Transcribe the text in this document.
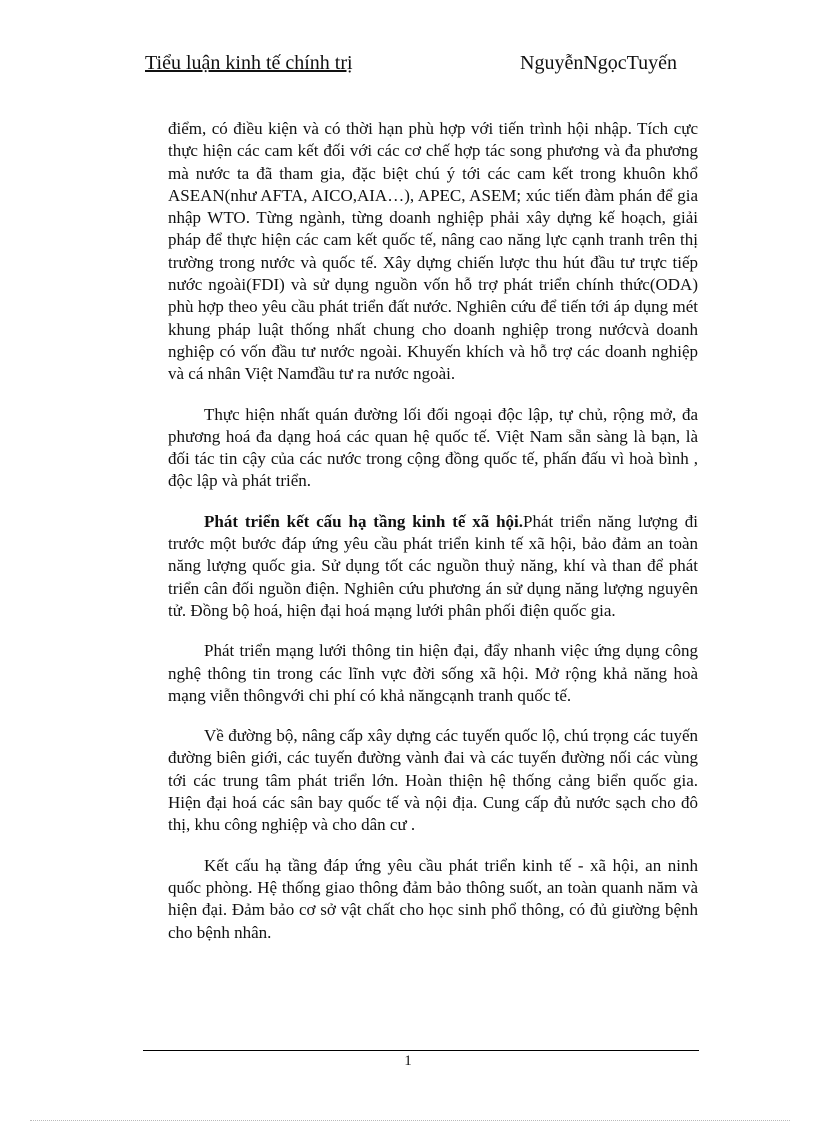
Tiểu luận kinh tế chính trị	NguyễnNgọcTuyến

điểm, có điều kiện và có thời hạn phù hợp với tiến trình hội nhập. Tích cực thực hiện các cam kết đối với các cơ chế hợp tác song phương và đa phương mà nước ta đã tham gia, đặc biệt chú ý tới các cam kết trong khuôn khổ ASEAN(như AFTA, AICO,AIA…), APEC, ASEM; xúc tiến đàm phán để gia nhập WTO. Từng ngành, từng doanh nghiệp phải xây dựng kế hoạch, giải pháp để thực hiện các cam kết quốc tế, nâng cao năng lực cạnh tranh trên thị trường trong nước và quốc tế. Xây dựng chiến lược thu hút đầu tư trực tiếp nước ngoài(FDI) và sử dụng nguồn vốn hỗ trợ phát triển chính thức(ODA) phù hợp theo yêu cầu phát triển đất nước. Nghiên cứu để tiến tới áp dụng mét khung pháp luật thống nhất chung cho doanh nghiệp trong nướcvà doanh nghiệp có vốn đầu tư nước ngoài. Khuyến khích và hỗ trợ các doanh nghiệp và cá nhân Việt Namđầu tư ra nước ngoài.

Thực hiện nhất quán đường lối đối ngoại độc lập, tự chủ, rộng mở, đa phương hoá đa dạng hoá các quan hệ quốc tế. Việt Nam sẵn sàng là bạn, là đối tác tin cậy của các nước trong cộng đồng quốc tế, phấn đấu vì hoà bình , độc lập và phát triển.

Phát triển kết cấu hạ tầng kinh tế xã hội.Phát triển năng lượng đi trước một bước đáp ứng yêu cầu phát triển kinh tế xã hội, bảo đảm an toàn năng lượng quốc gia. Sử dụng tốt các nguồn thuỷ năng, khí và than để phát triển cân đối nguồn điện. Nghiên cứu phương án sử dụng năng lượng nguyên tử. Đồng bộ hoá, hiện đại hoá mạng lưới phân phối điện quốc gia.

Phát triển mạng lưới thông tin hiện đại, đẩy nhanh việc ứng dụng công nghệ thông tin trong các lĩnh vực đời sống xã hội. Mở rộng khả năng hoà mạng viễn thôngvới chi phí có khả năngcạnh tranh quốc tế.

Về đường bộ, nâng cấp xây dựng các tuyến quốc lộ, chú trọng các tuyến đường biên giới, các tuyến đường vành đai và các tuyến đường nối các vùng tới các trung tâm phát triển lớn. Hoàn thiện hệ thống cảng biển quốc gia. Hiện đại hoá các sân bay quốc tế và nội địa. Cung cấp đủ nước sạch cho đô thị, khu công nghiệp và cho dân cư .

Kết cấu hạ tầng đáp ứng yêu cầu phát triển kinh tế - xã hội, an ninh quốc phòng. Hệ thống giao thông đảm bảo thông suốt, an toàn quanh năm và hiện đại. Đảm bảo cơ sở vật chất cho học sinh phổ thông, có đủ giường bệnh cho bệnh nhân.

1
